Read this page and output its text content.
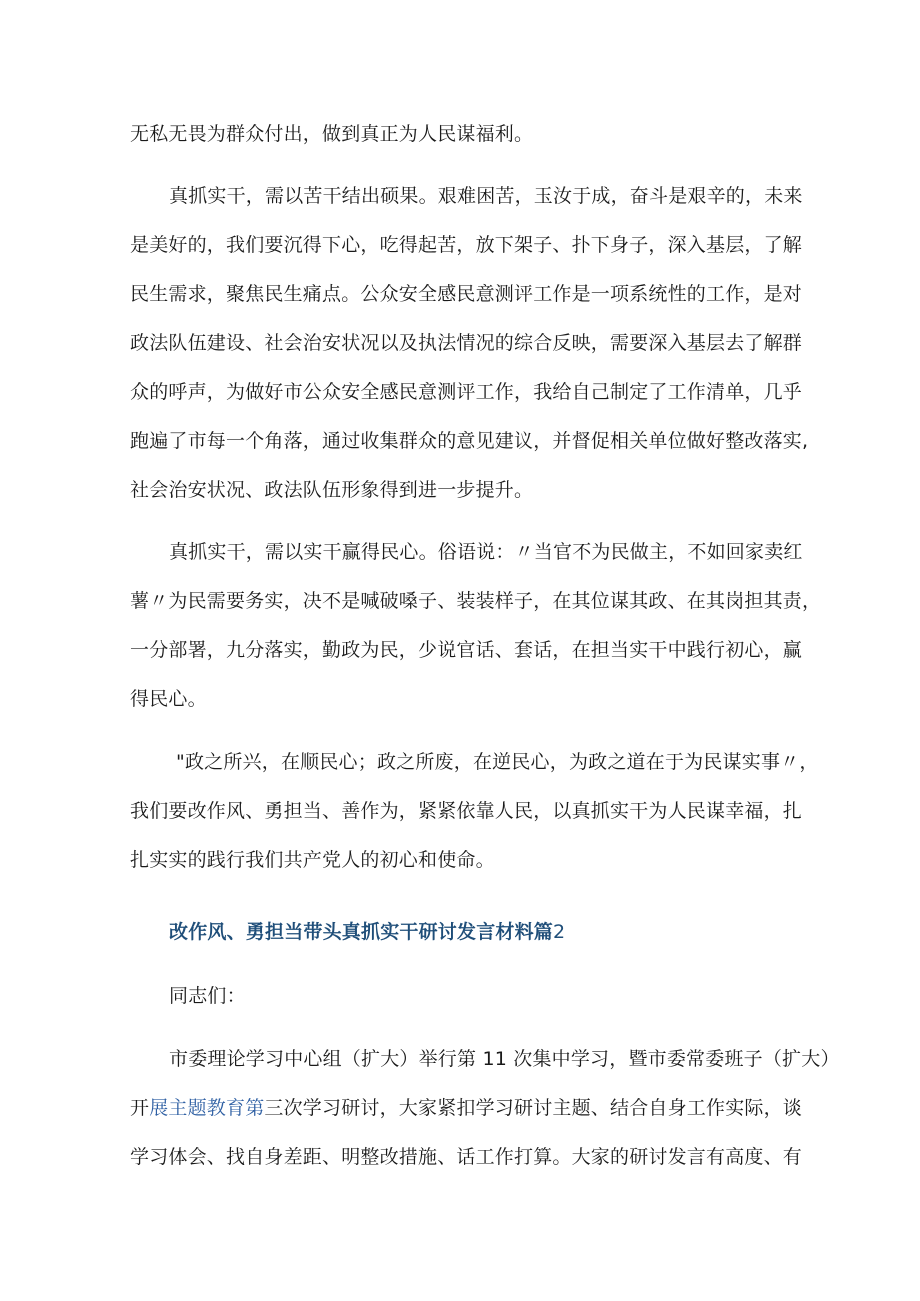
无私无畏为群众付出，做到真正为人民谋福利。
真抓实干，需以苦干结出硕果。艰难困苦，玉汝于成，奋斗是艰辛的，未来
是美好的，我们要沉得下心，吃得起苦，放下架子、扑下身子，深入基层，了解
民生需求，聚焦民生痛点。公众安全感民意测评工作是一项系统性的工作，是对
政法队伍建设、社会治安状况以及执法情况的综合反映，需要深入基层去了解群
众的呼声，为做好市公众安全感民意测评工作，我给自己制定了工作清单，几乎
跑遍了市每一个角落，通过收集群众的意见建议，并督促相关单位做好整改落实,
社会治安状况、政法队伍形象得到进一步提升。
真抓实干，需以实干赢得民心。俗语说：〃当官不为民做主，不如回家卖红
薯〃为民需要务实，决不是喊破嗓子、装装样子，在其位谋其政、在其岗担其责，
一分部署，九分落实，勤政为民，少说官话、套话，在担当实干中践行初心，赢
得民心。
"政之所兴，在顺民心；政之所废，在逆民心，为政之道在于为民谋实事〃，
我们要改作风、勇担当、善作为，紧紧依靠人民，以真抓实干为人民谋幸福，扎
扎实实的践行我们共产党人的初心和使命。
改作风、勇担当带头真抓实干研讨发言材料篇2
同志们：
市委理论学习中心组（扩大）举行第 11 次集中学习，暨市委常委班子（扩大）
开展主题教育第三次学习研讨，大家紧扣学习研讨主题、结合自身工作实际，谈
学习体会、找自身差距、明整改措施、话工作打算。大家的研讨发言有高度、有
